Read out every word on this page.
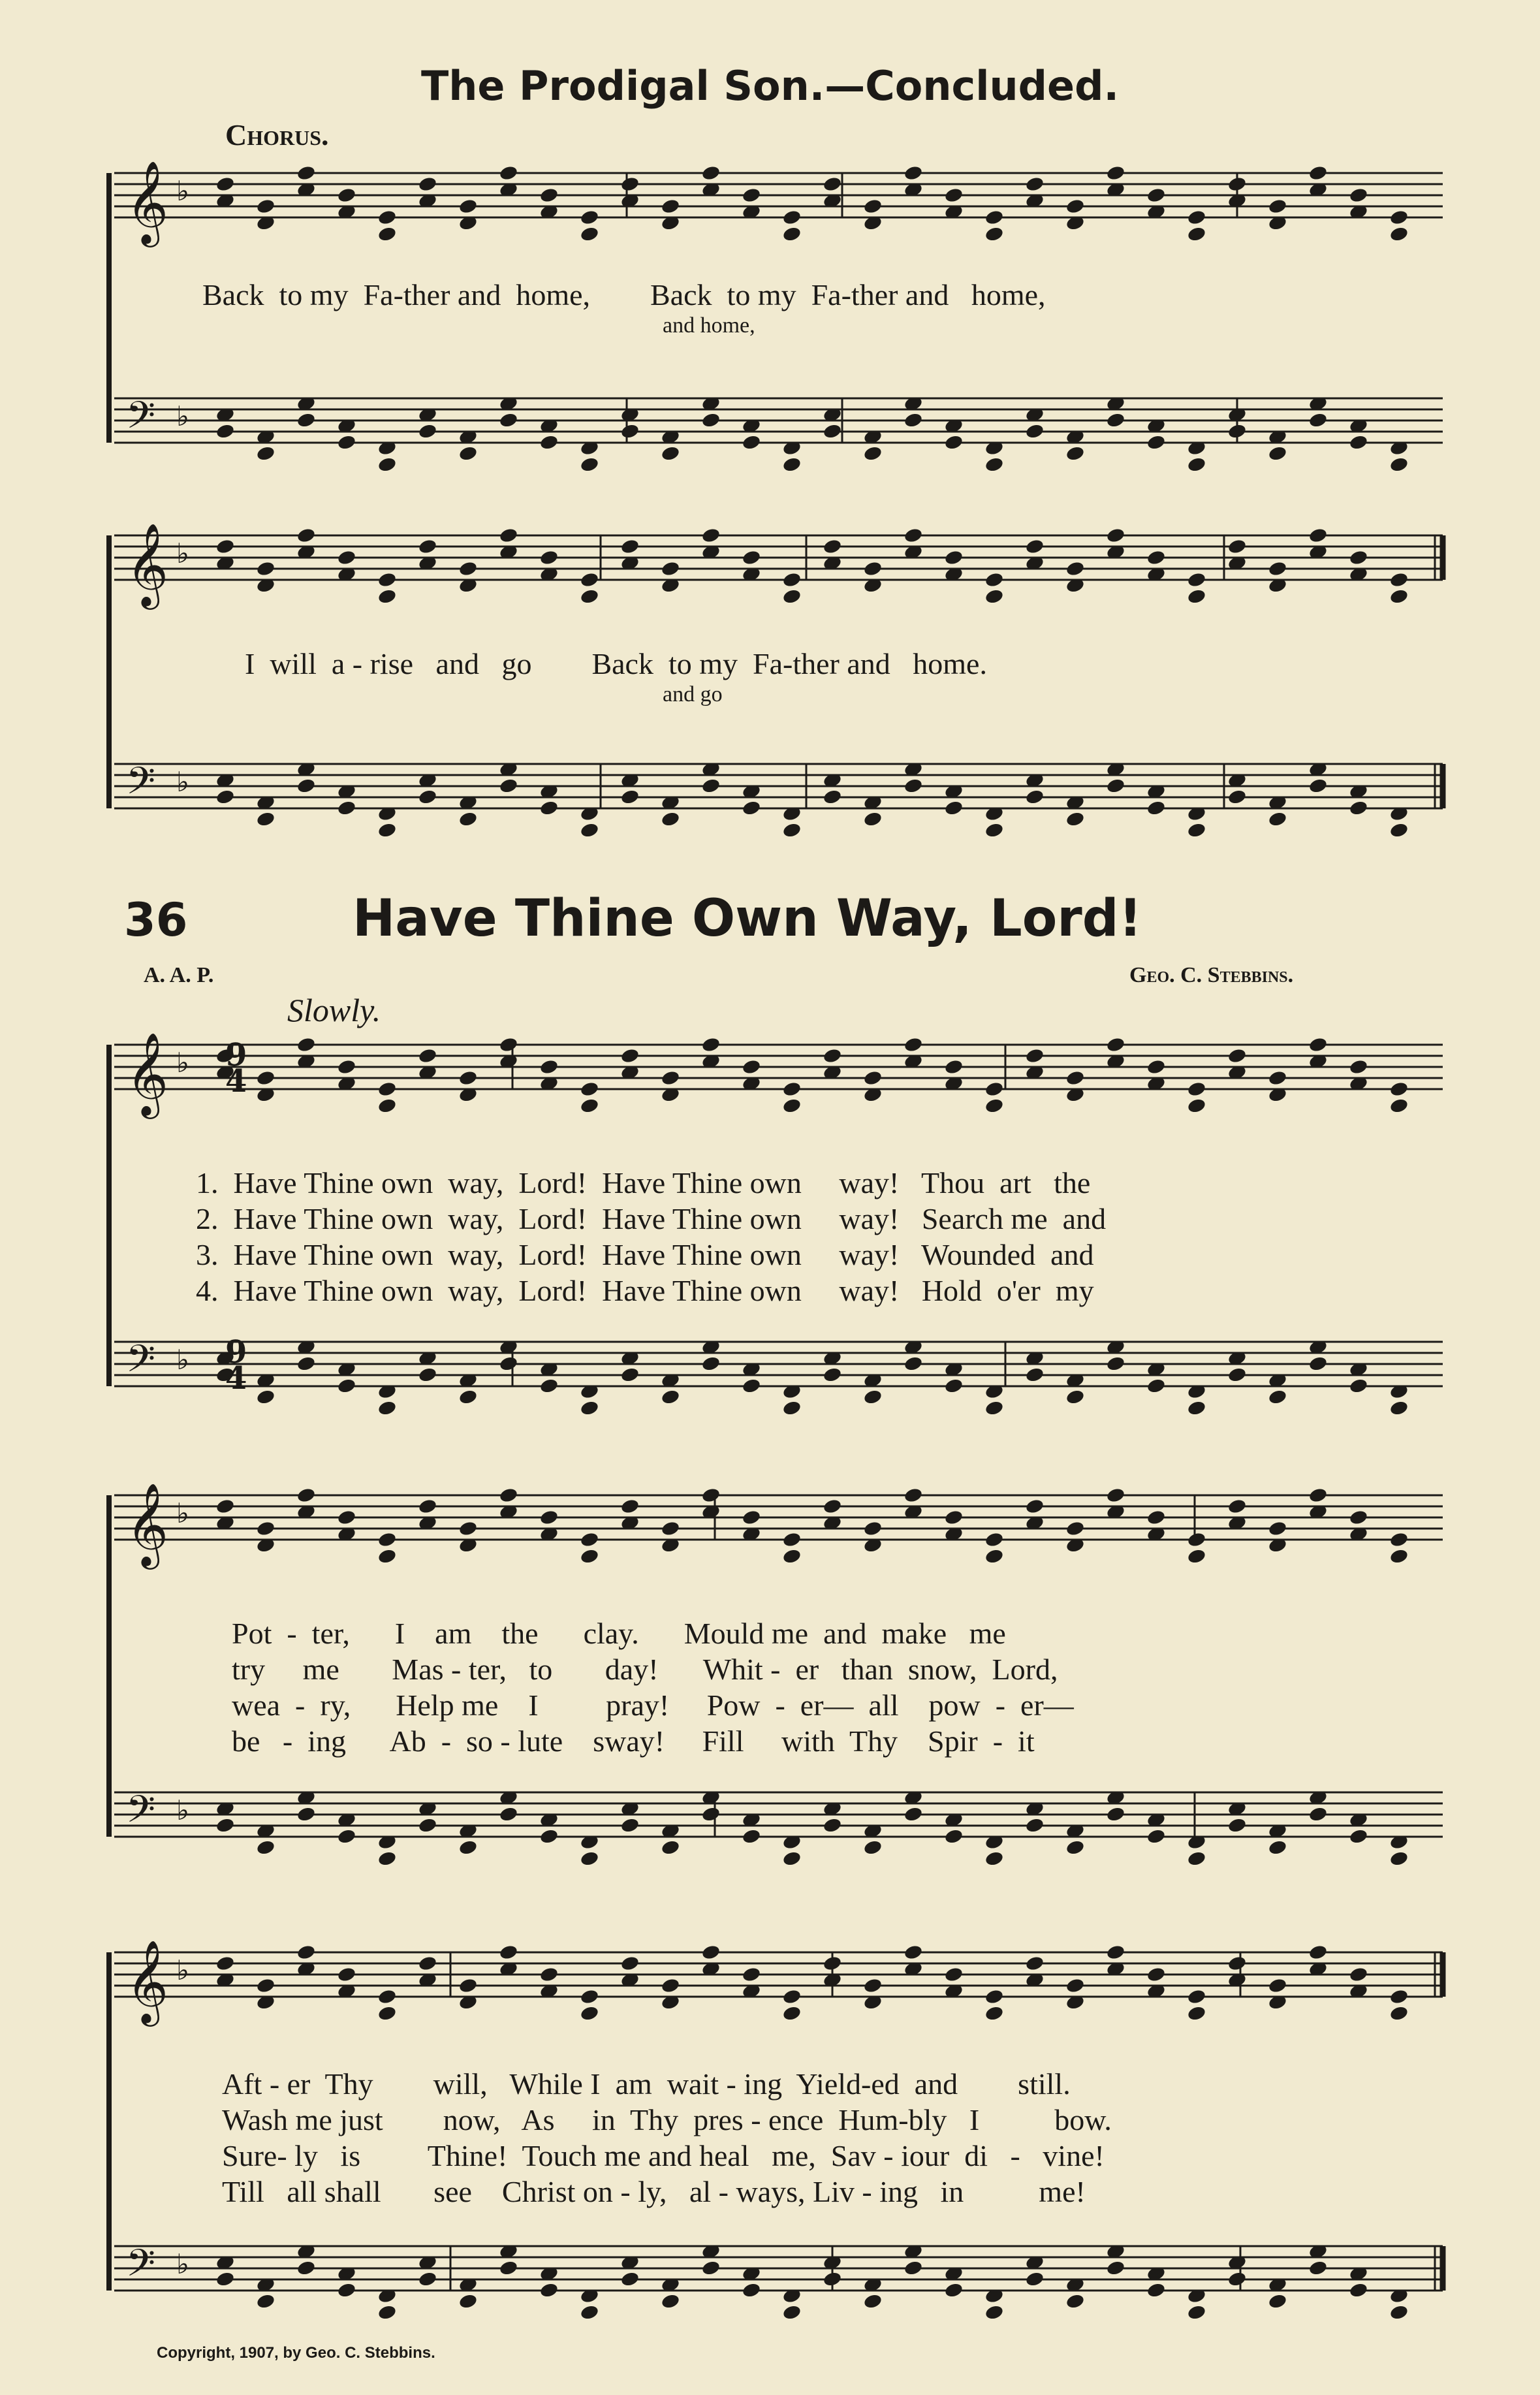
The Prodigal Son.—Concluded.
Chorus.
𝄞 ♭
𝄢 ♭
𝄞 ♭
𝄢 ♭
𝄞 ♭
𝄢 ♭
𝄞 ♭
𝄢 ♭
𝄞 ♭
𝄢 ♭
9
4
9
4
Back  to my  Fa-ther and  home,        Back  to my  Fa-ther and   home,
and home,
I  will  a - rise   and   go        Back  to my  Fa-ther and   home.
and go
36	Have Thine Own Way, Lord!
A. A. P.	Geo. C. Stebbins.
Slowly.
1.  Have Thine own  way,  Lord!  Have Thine own     way!   Thou  art   the
2.  Have Thine own  way,  Lord!  Have Thine own     way!   Search me  and
3.  Have Thine own  way,  Lord!  Have Thine own     way!   Wounded  and
4.  Have Thine own  way,  Lord!  Have Thine own     way!   Hold  o'er  my
Pot  -  ter,      I    am    the      clay.      Mould me  and  make   me
try     me       Mas - ter,   to       day!      Whit -  er   than  snow,  Lord,
wea  -  ry,      Help me    I         pray!     Pow  -  er—  all    pow  -  er—
be   -  ing      Ab  -  so - lute    sway!     Fill     with  Thy    Spir  -  it
Aft - er  Thy        will,   While I  am  wait - ing  Yield-ed  and        still.
Wash me just        now,   As     in  Thy  pres - ence  Hum-bly   I          bow.
Sure- ly   is         Thine!  Touch me and heal   me,  Sav - iour  di   -   vine!
Till   all shall       see    Christ on - ly,   al - ways, Liv - ing   in          me!
Copyright, 1907, by Geo. C. Stebbins.
